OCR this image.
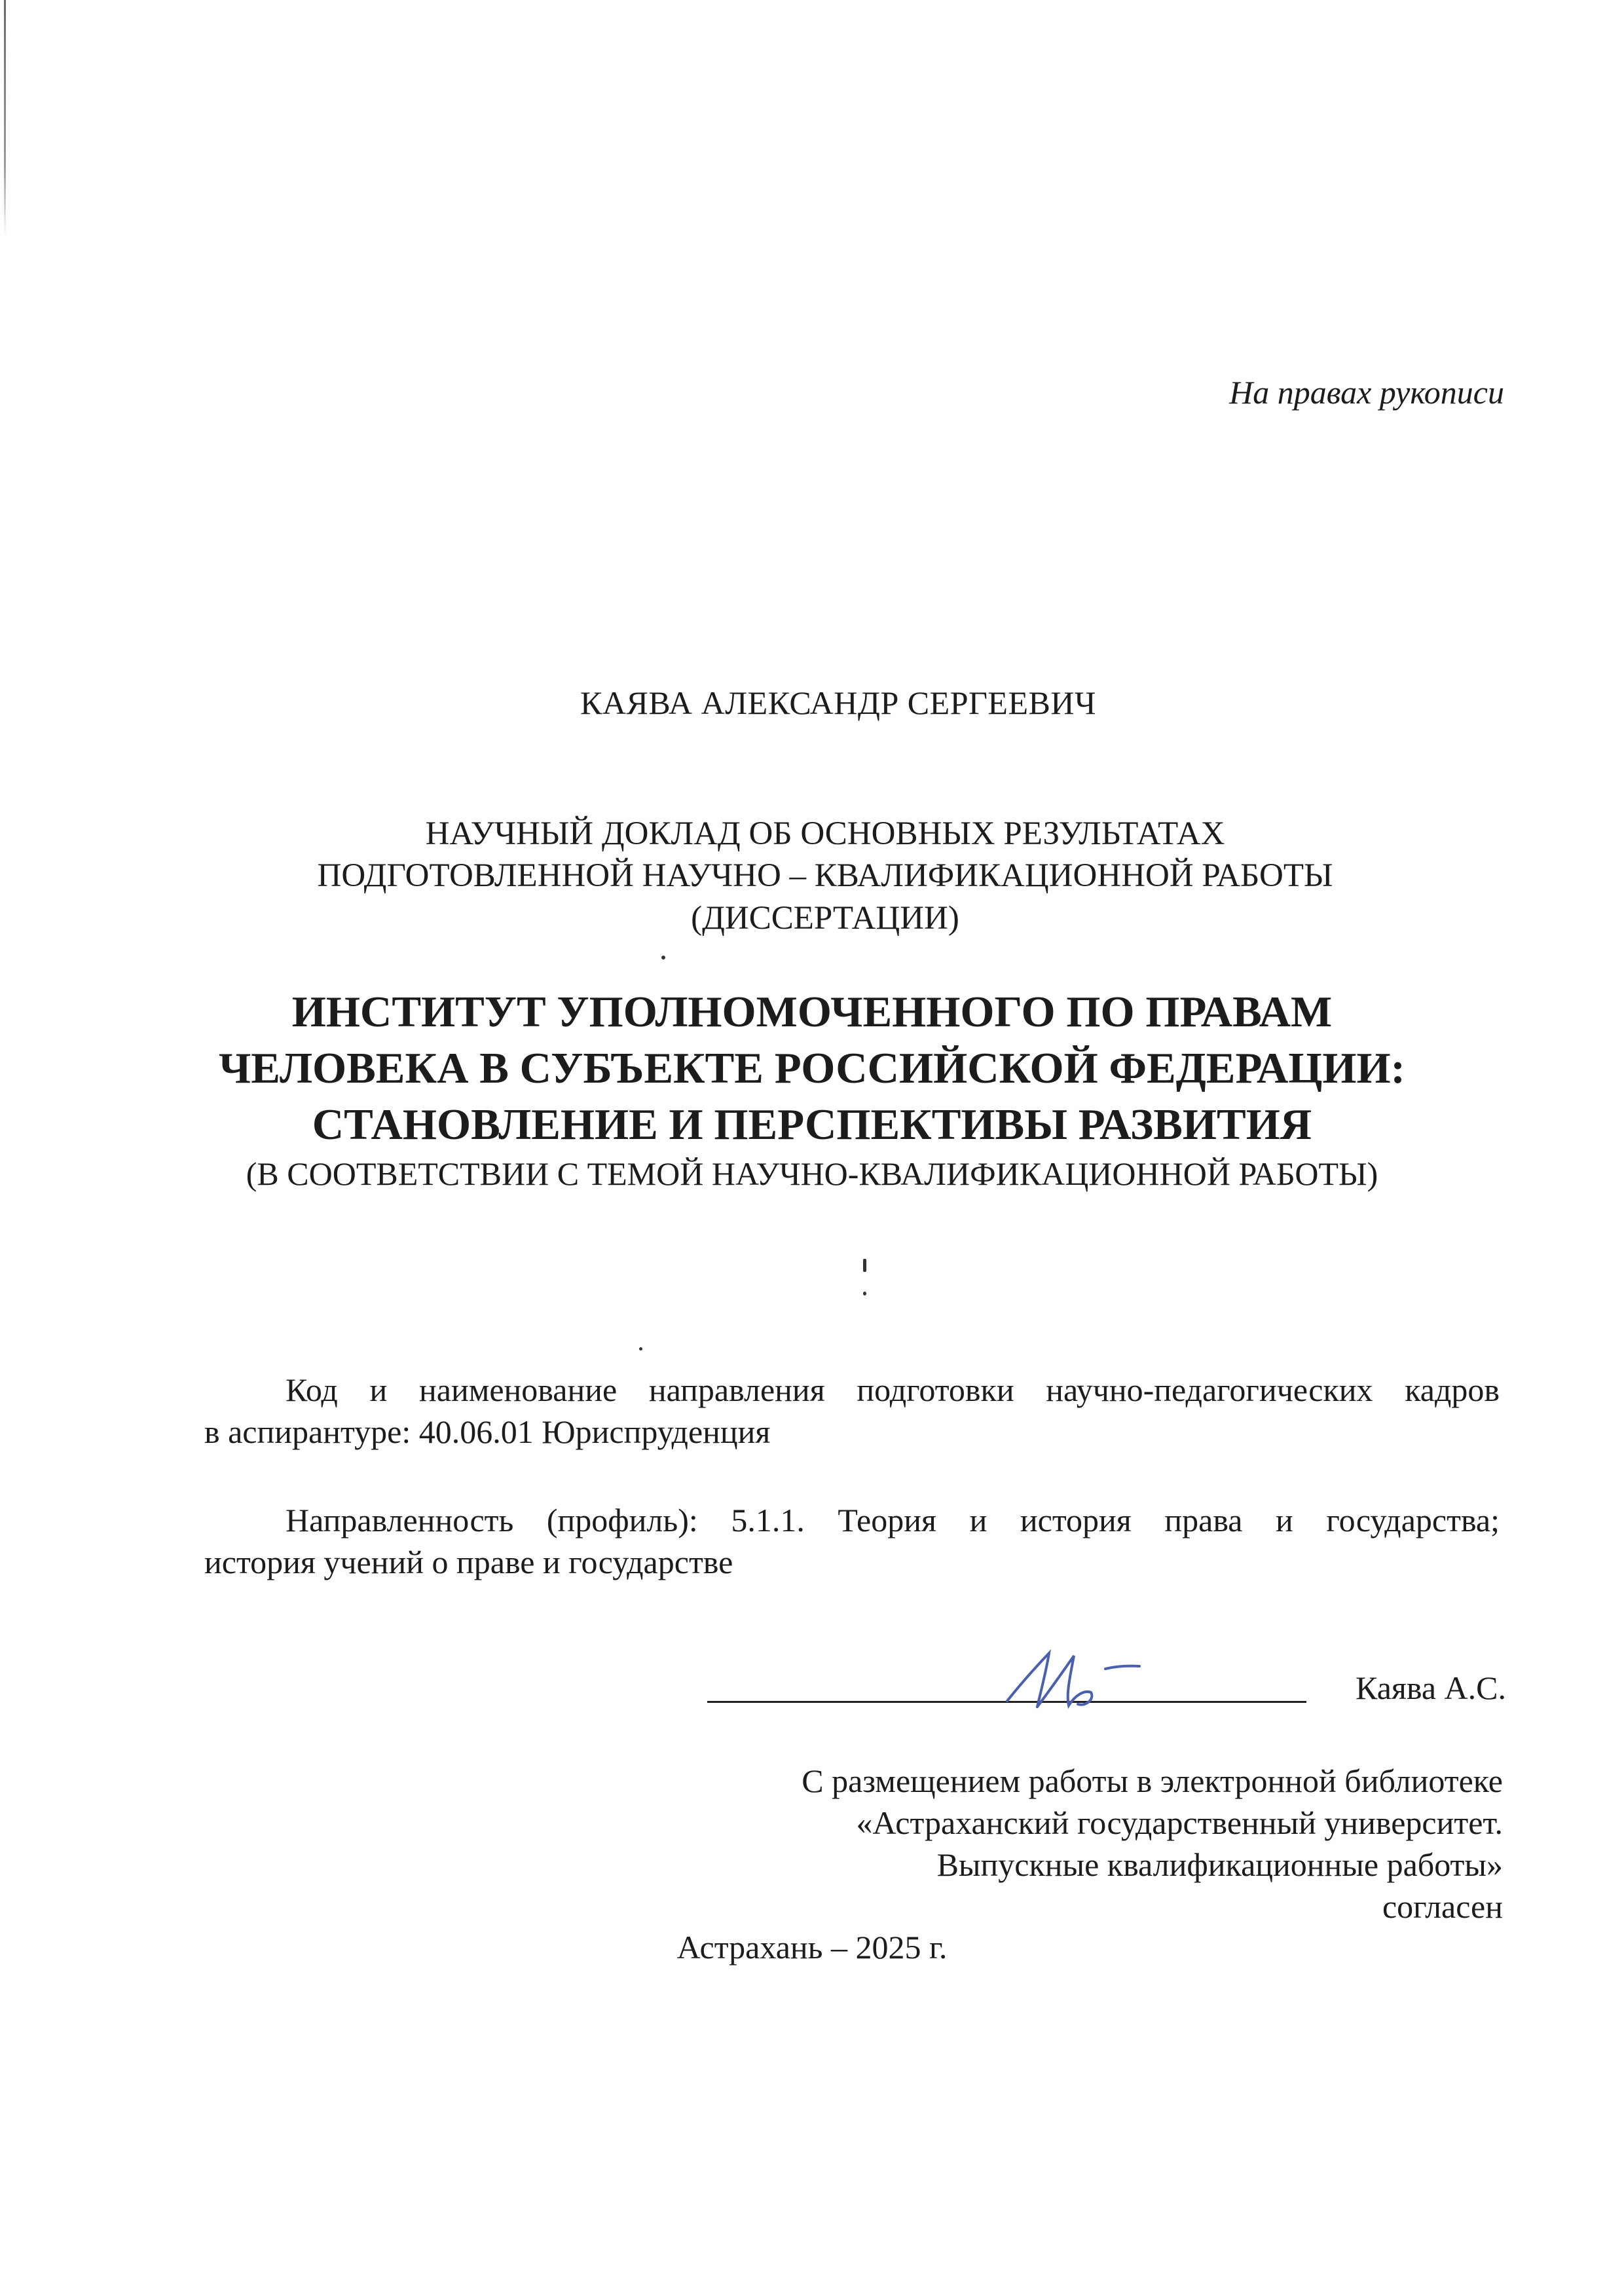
На правах рукописи
КАЯВА АЛЕКСАНДР СЕРГЕЕВИЧ
НАУЧНЫЙ ДОКЛАД ОБ ОСНОВНЫХ РЕЗУЛЬТАТАХ
ПОДГОТОВЛЕННОЙ НАУЧНО – КВАЛИФИКАЦИОННОЙ РАБОТЫ
(ДИССЕРТАЦИИ)
ИНСТИТУТ УПОЛНОМОЧЕННОГО ПО ПРАВАМ
ЧЕЛОВЕКА В СУБЪЕКТЕ РОССИЙСКОЙ ФЕДЕРАЦИИ:
СТАНОВЛЕНИЕ И ПЕРСПЕКТИВЫ РАЗВИТИЯ
(В СООТВЕТСТВИИ С ТЕМОЙ НАУЧНО-КВАЛИФИКАЦИОННОЙ РАБОТЫ)
Код и наименование направления подготовки научно-педагогических кадров
в аспирантуре: 40.06.01 Юриспруденция
Направленность (профиль): 5.1.1. Теория и история права и государства;
история учений о праве и государстве
С размещением работы в электронной библиотеке
«Астраханский государственный университет.
Выпускные квалификационные работы»
согласен
Каява А.С.
Астрахань – 2025 г.
